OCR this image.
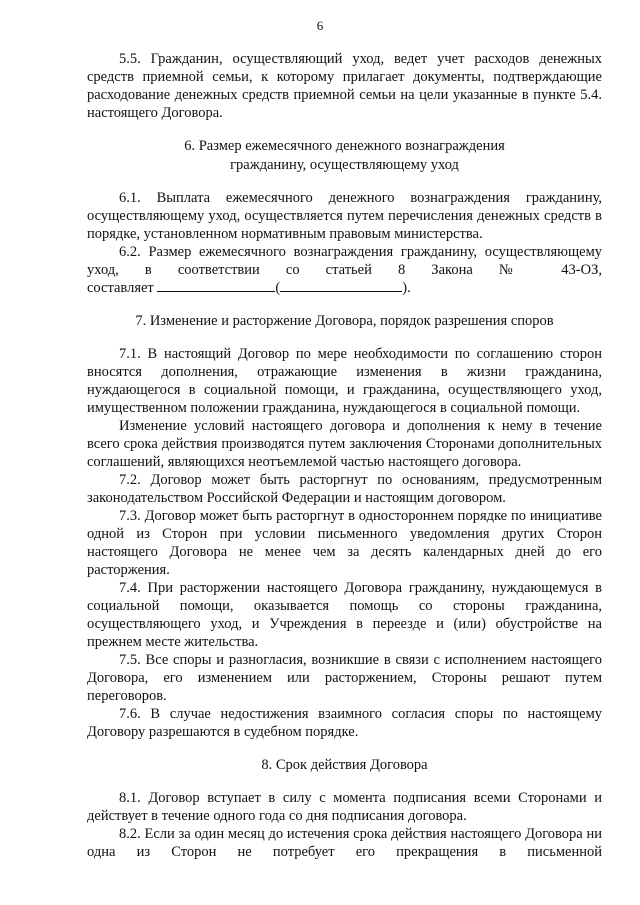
6

5.5. Гражданин, осуществляющий уход, ведет учет расходов денежных средств приемной семьи, к которому прилагает документы, подтверждающие расходование денежных средств приемной семьи на цели указанные в пункте 5.4. настоящего Договора.

6. Размер ежемесячного денежного вознаграждения
гражданину, осуществляющему уход

6.1. Выплата ежемесячного денежного вознаграждения гражданину, осуществляющему уход, осуществляется путем перечисления денежных средств в порядке, установленном нормативным правовым министерства.

6.2. Размер ежемесячного вознаграждения гражданину, осуществляющему уход, в соответствии со статьей 8 Закона № 43-ОЗ,

составляет	(	).

7. Изменение и расторжение Договора, порядок разрешения споров

7.1. В настоящий Договор по мере необходимости по соглашению сторон вносятся дополнения, отражающие изменения в жизни гражданина, нуждающегося в социальной помощи, и гражданина, осуществляющего уход, имущественном положении гражданина, нуждающегося в социальной помощи.

Изменение условий настоящего договора и дополнения к нему в течение всего срока действия производятся путем заключения Сторонами дополнительных соглашений, являющихся неотъемлемой частью настоящего договора.

7.2. Договор может быть расторгнут по основаниям, предусмотренным законодательством Российской Федерации и настоящим договором.

7.3. Договор может быть расторгнут в одностороннем порядке по инициативе одной из Сторон при условии письменного уведомления других Сторон настоящего Договора не менее чем за десять календарных дней до его расторжения.

7.4. При расторжении настоящего Договора гражданину, нуждающемуся в социальной помощи, оказывается помощь со стороны гражданина, осуществляющего уход, и Учреждения в переезде и (или) обустройстве на прежнем месте жительства.

7.5. Все споры и разногласия, возникшие в связи с исполнением настоящего Договора, его изменением или расторжением, Стороны решают путем переговоров.

7.6. В случае недостижения взаимного согласия споры по настоящему Договору разрешаются в судебном порядке.

8. Срок действия Договора

8.1. Договор вступает в силу с момента подписания всеми Сторонами и действует в течение одного года со дня подписания договора.

8.2. Если за один месяц до истечения срока действия настоящего Договора ни одна из Сторон не потребует его прекращения в письменной
